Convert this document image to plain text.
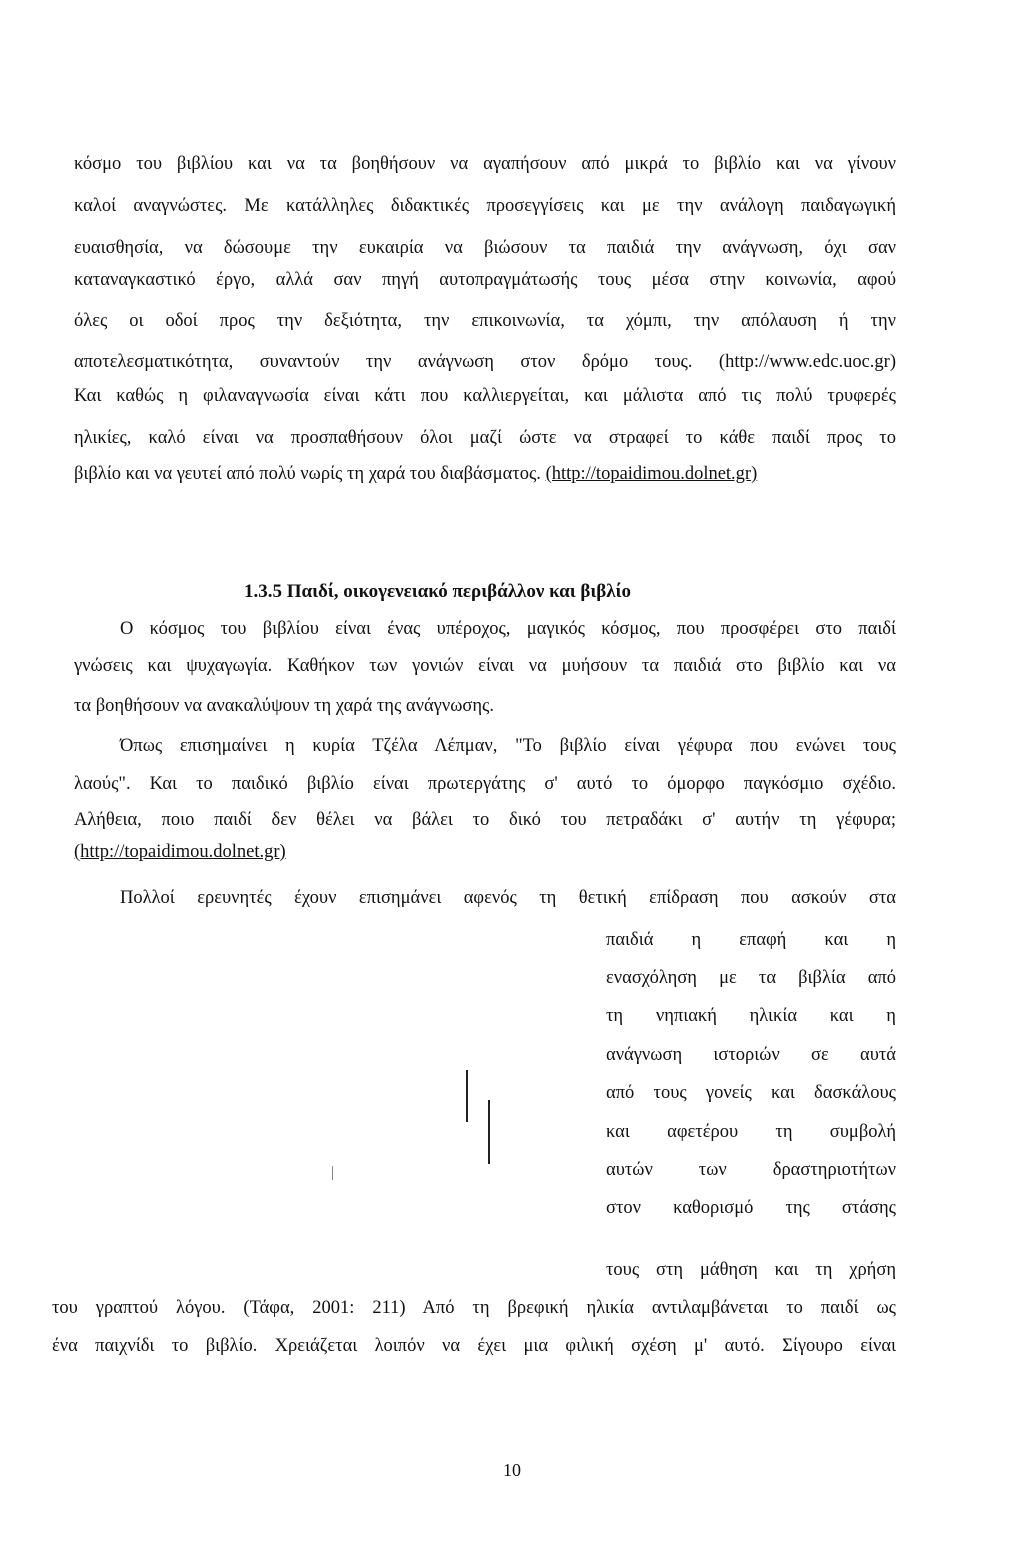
κόσμο του βιβλίου και να τα βοηθήσουν να αγαπήσουν από μικρά το βιβλίο και να γίνουν
καλοί αναγνώστες. Με κατάλληλες διδακτικές προσεγγίσεις και με την ανάλογη παιδαγωγική
ευαισθησία, να δώσουμε την ευκαιρία να βιώσουν τα παιδιά την ανάγνωση, όχι σαν
καταναγκαστικό έργο, αλλά σαν πηγή αυτοπραγμάτωσής τους μέσα στην κοινωνία, αφού
όλες οι οδοί προς την δεξιότητα, την επικοινωνία, τα χόμπι, την απόλαυση ή την
αποτελεσματικότητα, συναντούν την ανάγνωση στον δρόμο τους. (http://www.edc.uoc.gr)
Και καθώς η φιλαναγνωσία είναι κάτι που καλλιεργείται, και μάλιστα από τις πολύ τρυφερές
ηλικίες, καλό είναι να προσπαθήσουν όλοι μαζί ώστε να στραφεί το κάθε παιδί προς το
βιβλίο και να γευτεί από πολύ νωρίς τη χαρά του διαβάσματος. (http://topaidimou.dolnet.gr)
1.3.5 Παιδί, οικογενειακό περιβάλλον και βιβλίο
Ο κόσμος του βιβλίου είναι ένας υπέροχος, μαγικός κόσμος, που προσφέρει στο παιδί
γνώσεις και ψυχαγωγία. Καθήκον των γονιών είναι να μυήσουν τα παιδιά στο βιβλίο και να
τα βοηθήσουν να ανακαλύψουν τη χαρά της ανάγνωσης.
Όπως επισημαίνει η κυρία Τζέλα Λέπμαν, "Το βιβλίο είναι γέφυρα που ενώνει τους
λαούς". Και το παιδικό βιβλίο είναι πρωτεργάτης σ' αυτό το όμορφο παγκόσμιο σχέδιο.
Αλήθεια, ποιο παιδί δεν θέλει να βάλει το δικό του πετραδάκι σ' αυτήν τη γέφυρα;
(http://topaidimou.dolnet.gr)
Πολλοί ερευνητές έχουν επισημάνει αφενός τη θετική επίδραση που ασκούν στα
παιδιά η επαφή και η
ενασχόληση με τα βιβλία από
τη νηπιακή ηλικία και η
ανάγνωση ιστοριών σε αυτά
από τους γονείς και δασκάλους
και αφετέρου τη συμβολή
αυτών των δραστηριοτήτων
στον καθορισμό της στάσης
τους στη μάθηση και τη χρήση
του γραπτού λόγου. (Τάφα, 2001: 211) Από τη βρεφική ηλικία αντιλαμβάνεται το παιδί ως
ένα παιχνίδι το βιβλίο. Χρειάζεται λοιπόν να έχει μια φιλική σχέση μ' αυτό. Σίγουρο είναι
10
